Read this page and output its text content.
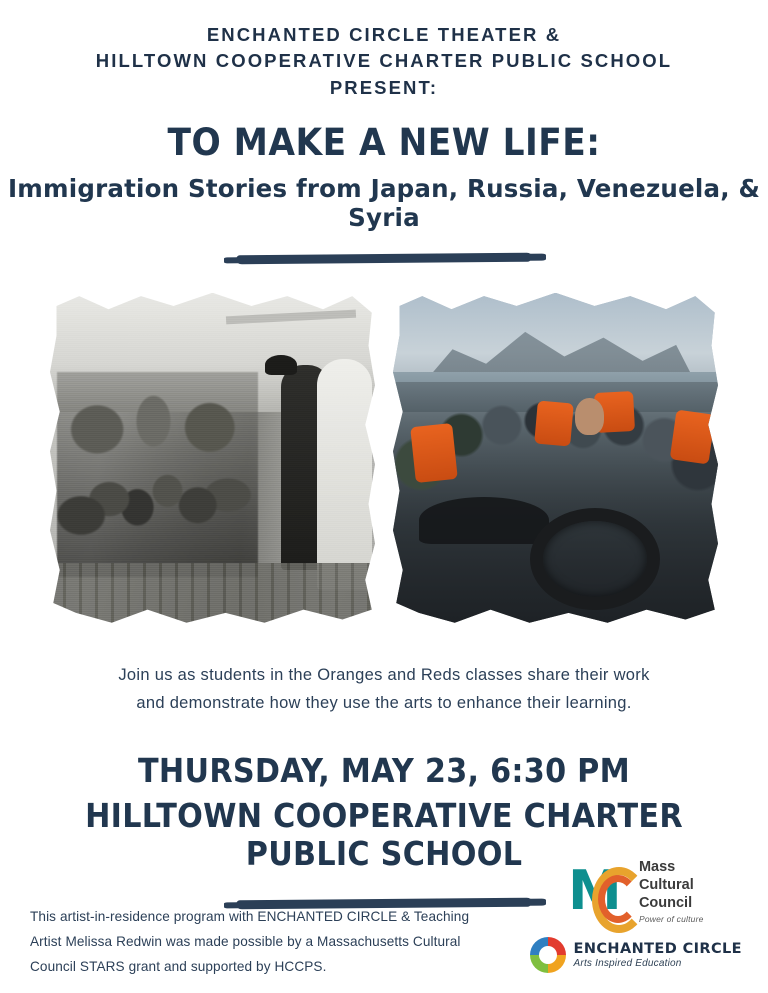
ENCHANTED CIRCLE THEATER &
HILLTOWN COOPERATIVE CHARTER PUBLIC SCHOOL
PRESENT:
TO MAKE A NEW LIFE:
Immigration Stories from Japan, Russia, Venezuela, & Syria
Join us as students in the Oranges and Reds classes share their work
and demonstrate how they use the arts to enhance their learning.
THURSDAY, MAY 23, 6:30 PM
HILLTOWN COOPERATIVE CHARTER PUBLIC SCHOOL
This artist-in-residence program with ENCHANTED CIRCLE & Teaching
Artist Melissa Redwin was made possible by a Massachusetts Cultural
Council STARS grant and supported by HCCPS.
M Mass
Cultural
Council
Power of culture
ENCHANTED CIRCLE
Arts Inspired Education
